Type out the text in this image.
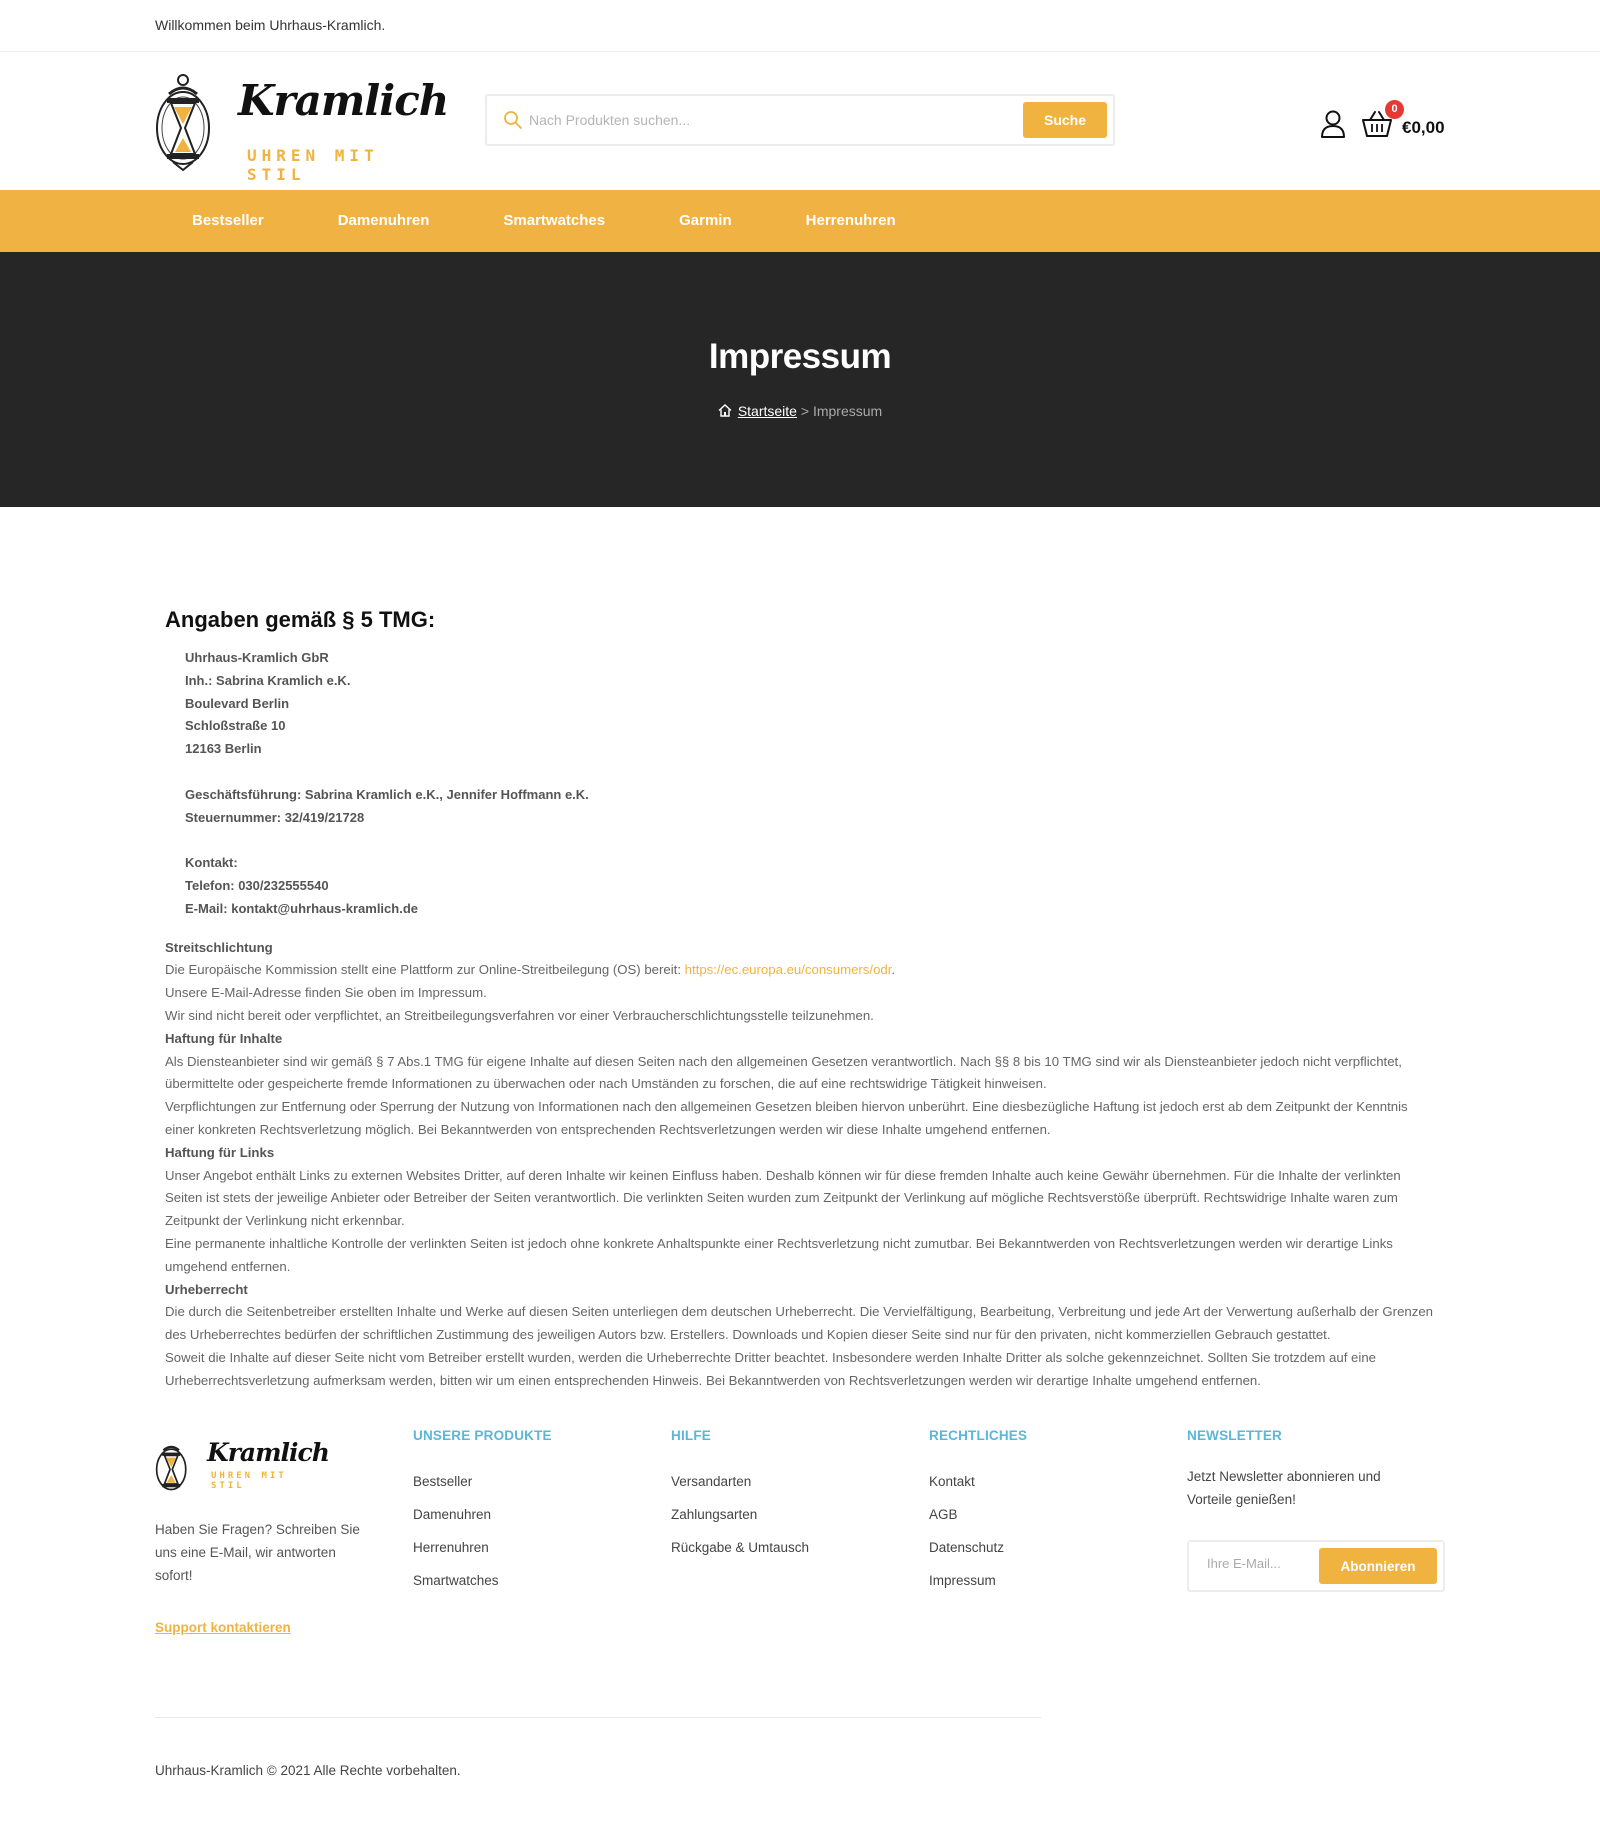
Willkommen beim Uhrhaus-Kramlich.
Kramlich
UHREN MIT STIL
Nach Produkten suchen...
Suche
0
€0,00
Bestseller	Damenuhren	Smartwatches	Garmin	Herrenuhren
Impressum
Startseite > Impressum
Angaben gemäß § 5 TMG:
Uhrhaus-Kramlich GbR
Inh.: Sabrina Kramlich e.K.
Boulevard Berlin
Schloßstraße 10
12163 Berlin
Geschäftsführung: Sabrina Kramlich e.K., Jennifer Hoffmann e.K.
Steuernummer: 32/419/21728
Kontakt:
Telefon: 030/232555540
E-Mail: kontakt@uhrhaus-kramlich.de
Streitschlichtung

Die Europäische Kommission stellt eine Plattform zur Online-Streitbeilegung (OS) bereit: https://ec.europa.eu/consumers/odr.

Unsere E-Mail-Adresse finden Sie oben im Impressum.

Wir sind nicht bereit oder verpflichtet, an Streitbeilegungsverfahren vor einer Verbraucherschlichtungsstelle teilzunehmen.

Haftung für Inhalte

Als Diensteanbieter sind wir gemäß § 7 Abs.1 TMG für eigene Inhalte auf diesen Seiten nach den allgemeinen Gesetzen verantwortlich. Nach §§ 8 bis 10 TMG sind wir als Diensteanbieter jedoch nicht verpflichtet, übermittelte oder gespeicherte fremde Informationen zu überwachen oder nach Umständen zu forschen, die auf eine rechtswidrige Tätigkeit hinweisen.

Verpflichtungen zur Entfernung oder Sperrung der Nutzung von Informationen nach den allgemeinen Gesetzen bleiben hiervon unberührt. Eine diesbezügliche Haftung ist jedoch erst ab dem Zeitpunkt der Kenntnis einer konkreten Rechtsverletzung möglich. Bei Bekanntwerden von entsprechenden Rechtsverletzungen werden wir diese Inhalte umgehend entfernen.

Haftung für Links

Unser Angebot enthält Links zu externen Websites Dritter, auf deren Inhalte wir keinen Einfluss haben. Deshalb können wir für diese fremden Inhalte auch keine Gewähr übernehmen. Für die Inhalte der verlinkten Seiten ist stets der jeweilige Anbieter oder Betreiber der Seiten verantwortlich. Die verlinkten Seiten wurden zum Zeitpunkt der Verlinkung auf mögliche Rechtsverstöße überprüft. Rechtswidrige Inhalte waren zum Zeitpunkt der Verlinkung nicht erkennbar.

Eine permanente inhaltliche Kontrolle der verlinkten Seiten ist jedoch ohne konkrete Anhaltspunkte einer Rechtsverletzung nicht zumutbar. Bei Bekanntwerden von Rechtsverletzungen werden wir derartige Links umgehend entfernen.

Urheberrecht

Die durch die Seitenbetreiber erstellten Inhalte und Werke auf diesen Seiten unterliegen dem deutschen Urheberrecht. Die Vervielfältigung, Bearbeitung, Verbreitung und jede Art der Verwertung außerhalb der Grenzen des Urheberrechtes bedürfen der schriftlichen Zustimmung des jeweiligen Autors bzw. Erstellers. Downloads und Kopien dieser Seite sind nur für den privaten, nicht kommerziellen Gebrauch gestattet.

Soweit die Inhalte auf dieser Seite nicht vom Betreiber erstellt wurden, werden die Urheberrechte Dritter beachtet. Insbesondere werden Inhalte Dritter als solche gekennzeichnet. Sollten Sie trotzdem auf eine Urheberrechtsverletzung aufmerksam werden, bitten wir um einen entsprechenden Hinweis. Bei Bekanntwerden von Rechtsverletzungen werden wir derartige Inhalte umgehend entfernen.

Kramlich
UHREN MIT STIL

Haben Sie Fragen? Schreiben Sie uns eine E-Mail, wir antworten sofort!

Support kontaktieren
UNSERE PRODUKTE
Bestseller
Damenuhren
Herrenuhren
Smartwatches
HILFE
Versandarten
Zahlungsarten
Rückgabe & Umtausch
RECHTLICHES
Kontakt
AGB
Datenschutz
Impressum
NEWSLETTER

Jetzt Newsletter abonnieren und Vorteile genießen!

Ihre E-Mail...
Abonnieren

Uhrhaus-Kramlich © 2021 Alle Rechte vorbehalten.
